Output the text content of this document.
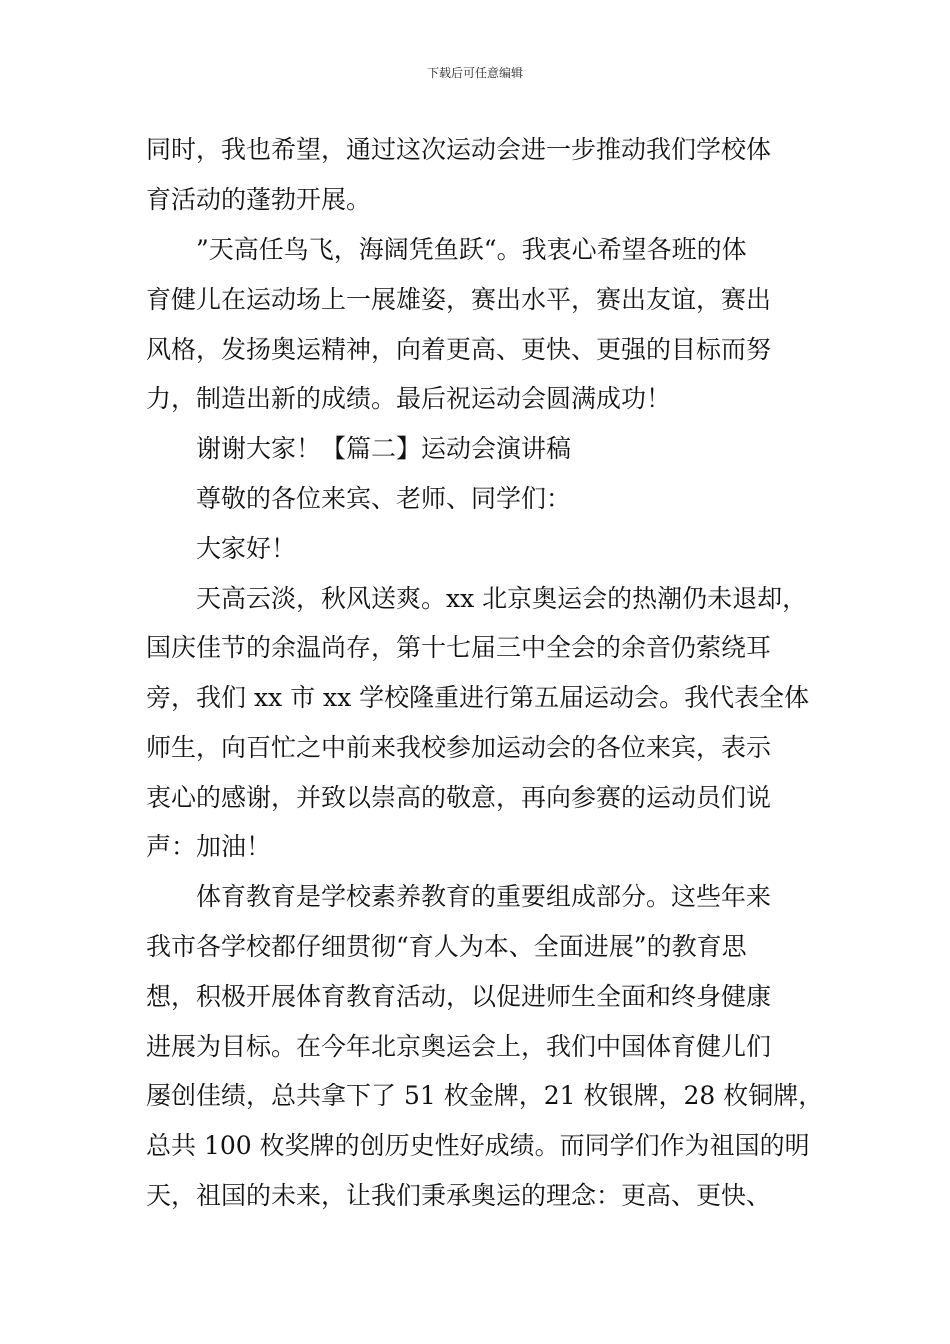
下载后可任意编辑
同时，我也希望，通过这次运动会进一步推动我们学校体
育活动的蓬勃开展。
”天高任鸟飞，海阔凭鱼跃“。我衷心希望各班的体
育健儿在运动场上一展雄姿，赛出水平，赛出友谊，赛出
风格，发扬奥运精神，向着更高、更快、更强的目标而努
力，制造出新的成绩。最后祝运动会圆满成功！
谢谢大家！【篇二】运动会演讲稿
尊敬的各位来宾、老师、同学们：
大家好！
天高云淡，秋风送爽。xx 北京奥运会的热潮仍未退却，
国庆佳节的余温尚存，第十七届三中全会的余音仍萦绕耳
旁，我们 xx 市 xx 学校隆重进行第五届运动会。我代表全体
师生，向百忙之中前来我校参加运动会的各位来宾，表示
衷心的感谢，并致以崇高的敬意，再向参赛的运动员们说
声：加油！
体育教育是学校素养教育的重要组成部分。这些年来
我市各学校都仔细贯彻“育人为本、全面进展”的教育思
想，积极开展体育教育活动，以促进师生全面和终身健康
进展为目标。在今年北京奥运会上，我们中国体育健儿们
屡创佳绩，总共拿下了 51 枚金牌，21 枚银牌，28 枚铜牌，
总共 100 枚奖牌的创历史性好成绩。而同学们作为祖国的明
天，祖国的未来，让我们秉承奥运的理念：更高、更快、
